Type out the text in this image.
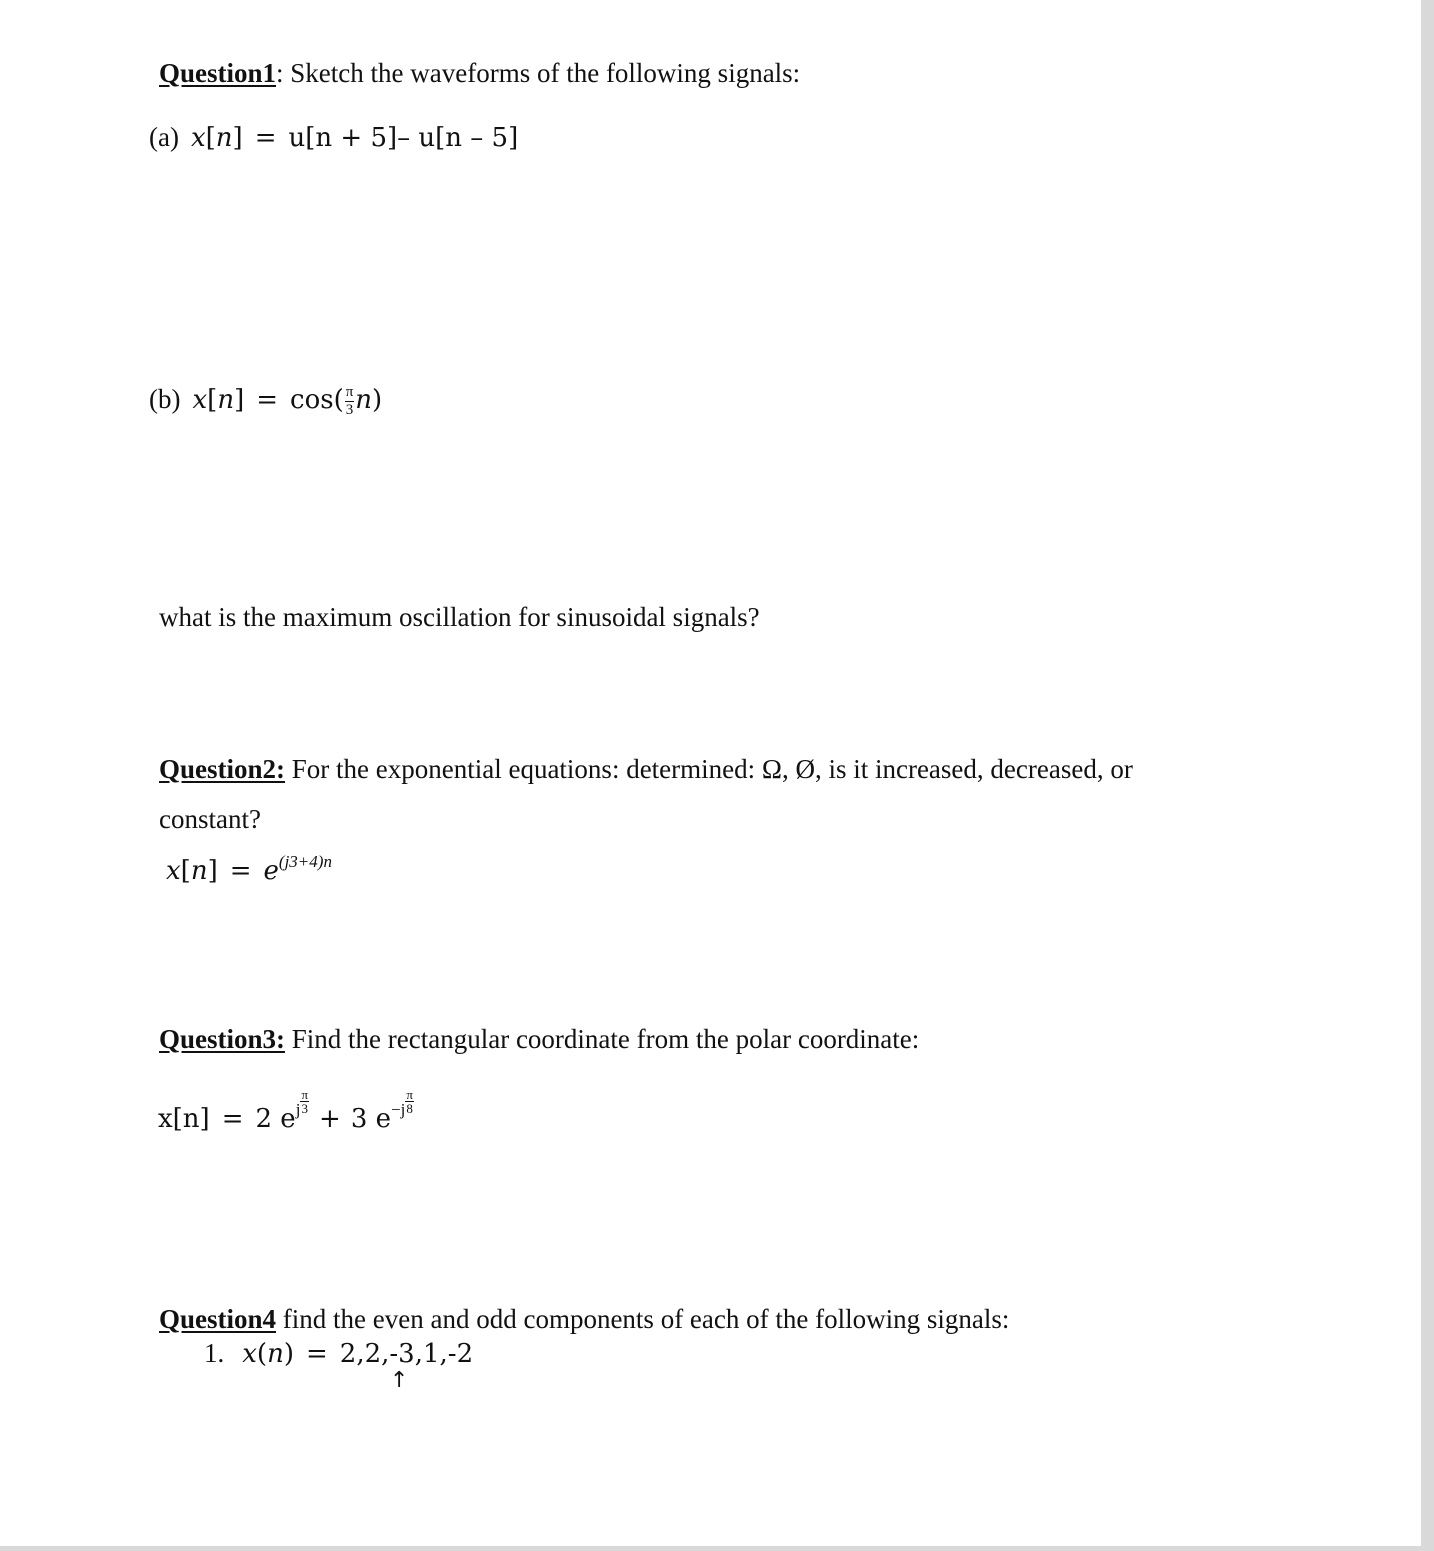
Question1: Sketch the waveforms of the following signals:
(a) x[n] = u[n + 5]– u[n – 5]
(b) $x[n] = \cos( \frac{\pi}{3} n)$
what is the maximum oscillation for sinusoidal signals?
Question2: For the exponential equations: determined: Ω, Ø, is it increased, decreased, or
constant?
x[n] = e(j3+4)n
Question3: Find the rectangular coordinate from the polar coordinate:
x[n] = 2 ej $\frac{\pi}{3}$
+ 3 $e-j \frac{\pi}{8}$
Question4 find the even and odd components of each of the following signals:
1. x(n) = 2,2,-3,1,-2
↑
